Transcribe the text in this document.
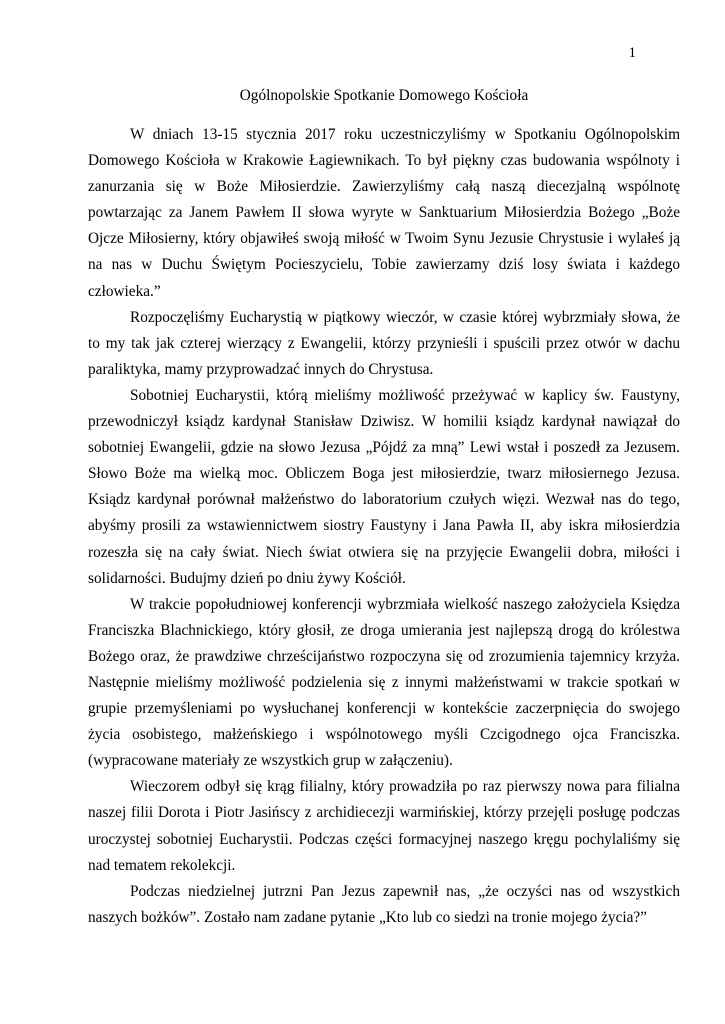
1
Ogólnopolskie Spotkanie Domowego Kościoła

W dniach 13-15 stycznia 2017 roku uczestniczyliśmy w Spotkaniu Ogólnopolskim Domowego Kościoła w Krakowie Łagiewnikach. To był piękny czas budowania wspólnoty i zanurzania się w Boże Miłosierdzie. Zawierzyliśmy całą naszą diecezjalną wspólnotę powtarzając za Janem Pawłem II słowa wyryte w Sanktuarium Miłosierdzia Bożego „Boże Ojcze Miłosierny, który objawiłeś swoją miłość w Twoim Synu Jezusie Chrystusie i wylałeś ją na nas w Duchu Świętym Pocieszycielu, Tobie zawierzamy dziś losy świata i każdego człowieka.”

Rozpoczęliśmy Eucharystią w piątkowy wieczór, w czasie której wybrzmiały słowa, że to my tak jak czterej wierzący z Ewangelii, którzy przynieśli i spuścili przez otwór w dachu paraliktyka, mamy przyprowadzać innych do Chrystusa.

Sobotniej Eucharystii, którą mieliśmy możliwość przeżywać w kaplicy św. Faustyny, przewodniczył ksiądz kardynał Stanisław Dziwisz. W homilii ksiądz kardynał nawiązał do sobotniej Ewangelii, gdzie na słowo Jezusa „Pójdź za mną” Lewi wstał i poszedł za Jezusem. Słowo Boże ma wielką moc. Obliczem Boga jest miłosierdzie, twarz miłosiernego Jezusa. Ksiądz kardynał porównał małżeństwo do laboratorium czułych więzi. Wezwał nas do tego, abyśmy prosili za wstawiennictwem siostry Faustyny i Jana Pawła II, aby iskra miłosierdzia rozeszła się na cały świat. Niech świat otwiera się na przyjęcie Ewangelii dobra, miłości i solidarności. Budujmy dzień po dniu żywy Kościół.

W trakcie popołudniowej konferencji wybrzmiała wielkość naszego założyciela Księdza Franciszka Blachnickiego, który głosił, ze droga umierania jest najlepszą drogą do królestwa Bożego oraz, że prawdziwe chrześcijaństwo rozpoczyna się od zrozumienia tajemnicy krzyża. Następnie mieliśmy możliwość podzielenia się z innymi małżeństwami w trakcie spotkań w grupie przemyśleniami po wysłuchanej konferencji w kontekście zaczerpnięcia do swojego życia osobistego, małżeńskiego i wspólnotowego myśli Czcigodnego ojca Franciszka. (wypracowane materiały ze wszystkich grup w załączeniu).

Wieczorem odbył się krąg filialny, który prowadziła po raz pierwszy nowa para filialna naszej filii Dorota i Piotr Jasińscy z archidiecezji warmińskiej, którzy przejęli posługę podczas uroczystej sobotniej Eucharystii. Podczas części formacyjnej naszego kręgu pochylaliśmy się nad tematem rekolekcji.

Podczas niedzielnej jutrzni Pan Jezus zapewnił nas, „że oczyści nas od wszystkich naszych bożków”. Zostało nam zadane pytanie „Kto lub co siedzi na tronie mojego życia?”
